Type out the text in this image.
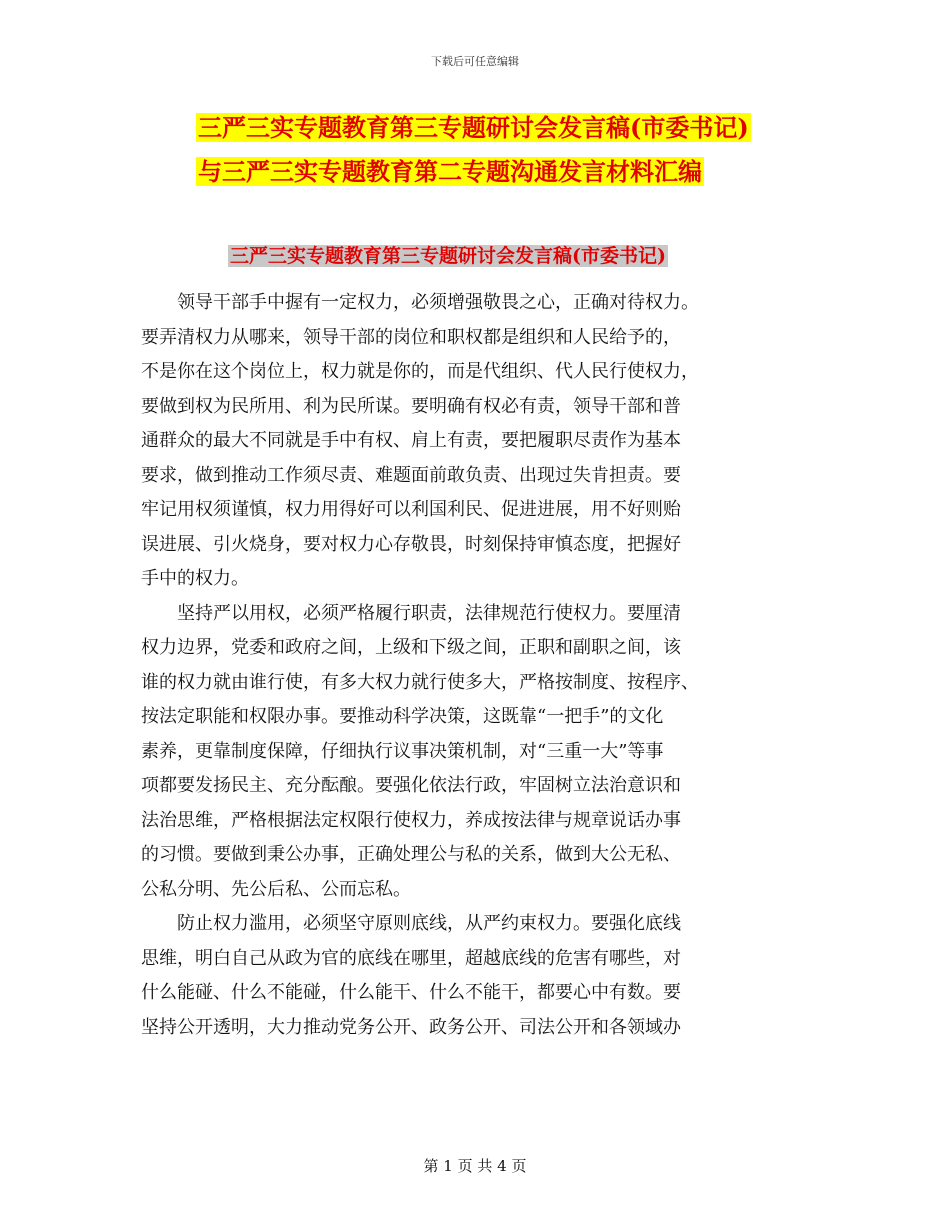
下载后可任意编辑
三严三实专题教育第三专题研讨会发言稿(市委书记)
与三严三实专题教育第二专题沟通发言材料汇编
三严三实专题教育第三专题研讨会发言稿(市委书记)

领导干部手中握有一定权力，必须增强敬畏之心，正确对待权力。
要弄清权力从哪来，领导干部的岗位和职权都是组织和人民给予的，
不是你在这个岗位上，权力就是你的，而是代组织、代人民行使权力，
要做到权为民所用、利为民所谋。要明确有权必有责，领导干部和普
通群众的最大不同就是手中有权、肩上有责，要把履职尽责作为基本
要求，做到推动工作须尽责、难题面前敢负责、出现过失肯担责。要
牢记用权须谨慎，权力用得好可以利国利民、促进进展，用不好则贻
误进展、引火烧身，要对权力心存敬畏，时刻保持审慎态度，把握好
手中的权力。

坚持严以用权，必须严格履行职责，法律规范行使权力。要厘清
权力边界，党委和政府之间，上级和下级之间，正职和副职之间，该
谁的权力就由谁行使，有多大权力就行使多大，严格按制度、按程序、
按法定职能和权限办事。要推动科学决策，这既靠“一把手”的文化
素养，更靠制度保障，仔细执行议事决策机制，对“三重一大”等事
项都要发扬民主、充分酝酿。要强化依法行政，牢固树立法治意识和
法治思维，严格根据法定权限行使权力，养成按法律与规章说话办事
的习惯。要做到秉公办事，正确处理公与私的关系，做到大公无私、
公私分明、先公后私、公而忘私。

防止权力滥用，必须坚守原则底线，从严约束权力。要强化底线
思维，明白自己从政为官的底线在哪里，超越底线的危害有哪些，对
什么能碰、什么不能碰，什么能干、什么不能干，都要心中有数。要
坚持公开透明，大力推动党务公开、政务公开、司法公开和各领域办

第 1 页 共 4 页
